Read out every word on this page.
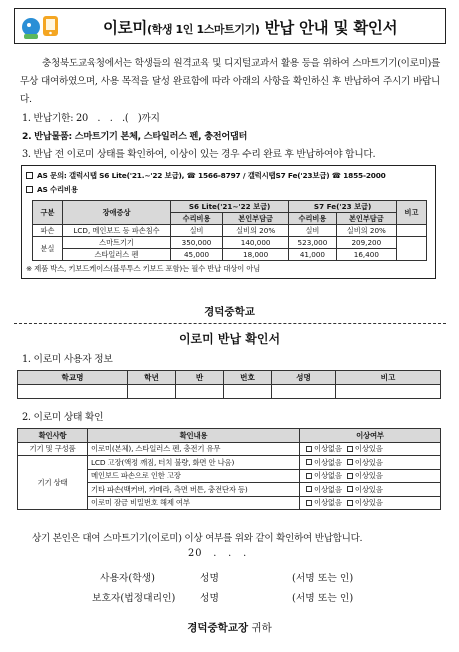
이로미(학생 1인 1스마트기기) 반납 안내 및 확인서
충청북도교육청에서는 학생들의 원격교육 및 디지털교과서 활용 등을 위하여 스마트기기(이로미)를 무상 대여하였으며, 사용 목적을 달성 완료함에 따라 아래의 사항을 확인하신 후 반납하여 주시기 바랍니다.
1. 반납기한: 20　.　.　.(　)까지
2. 반납물품: 스마트기기 본체, 스타일러스 펜, 충전어댑터
3. 반납 전 이로미 상태를 확인하여, 이상이 있는 경우 수리 완료 후 반납하여야 합니다.
AS 문의: 갤럭시탭 S6 Lite('21.~'22 보급), ☎ 1566-8797 / 갤럭시탭S7 Fe('23보급) ☎ 1855-2000
AS 수리비용
구분	장애증상	S6 Lite('21~'22 보급)		S7 Fe('23 보급)		비고
		수리비용	본인부담금	수리비용	본인부담금	
파손	LCD, 메인보드 등 파손침수	실비	실비의 20%	실비	실비의 20%	
분실	스마트기기	350,000	140,000	523,000	209,200	
	스타일러스 펜	45,000	18,000	41,000	16,400	
※ 제품 박스, 키보드케이스(블루투스 키보드 포함)는 필수 반납 대상이 아님
경덕중학교
이로미 반납 확인서
1. 이로미 사용자 정보
학교명	학년	반	번호	성명	비고

2. 이로미 상태 확인
확인사항	확인내용	이상여부
기기 및 구성품	이로미(본체), 스타일러스 펜, 충전기 유무	이상없음 이상있음
기기 상태	LCD 고장(액정 깨짐, 터치 불량, 화면 안 나옴)	이상없음 이상있음
	메인보드 파손으로 인한 고장	이상없음 이상있음
	기타 파손(백커버, 카메라, 측면 버튼, 충전단자 등)	이상없음 이상있음
	이로미 잠금 비밀번호 해제 여부	이상없음 이상있음
상기 본인은 대여 스마트기기(이로미) 이상 여부를 위와 같이 확인하여 반납합니다.
20　.　.　.
사용자(학생)	성명	(서명 또는 인)
보호자(법정대리인)	성명	(서명 또는 인)
경덕중학교장 귀하
